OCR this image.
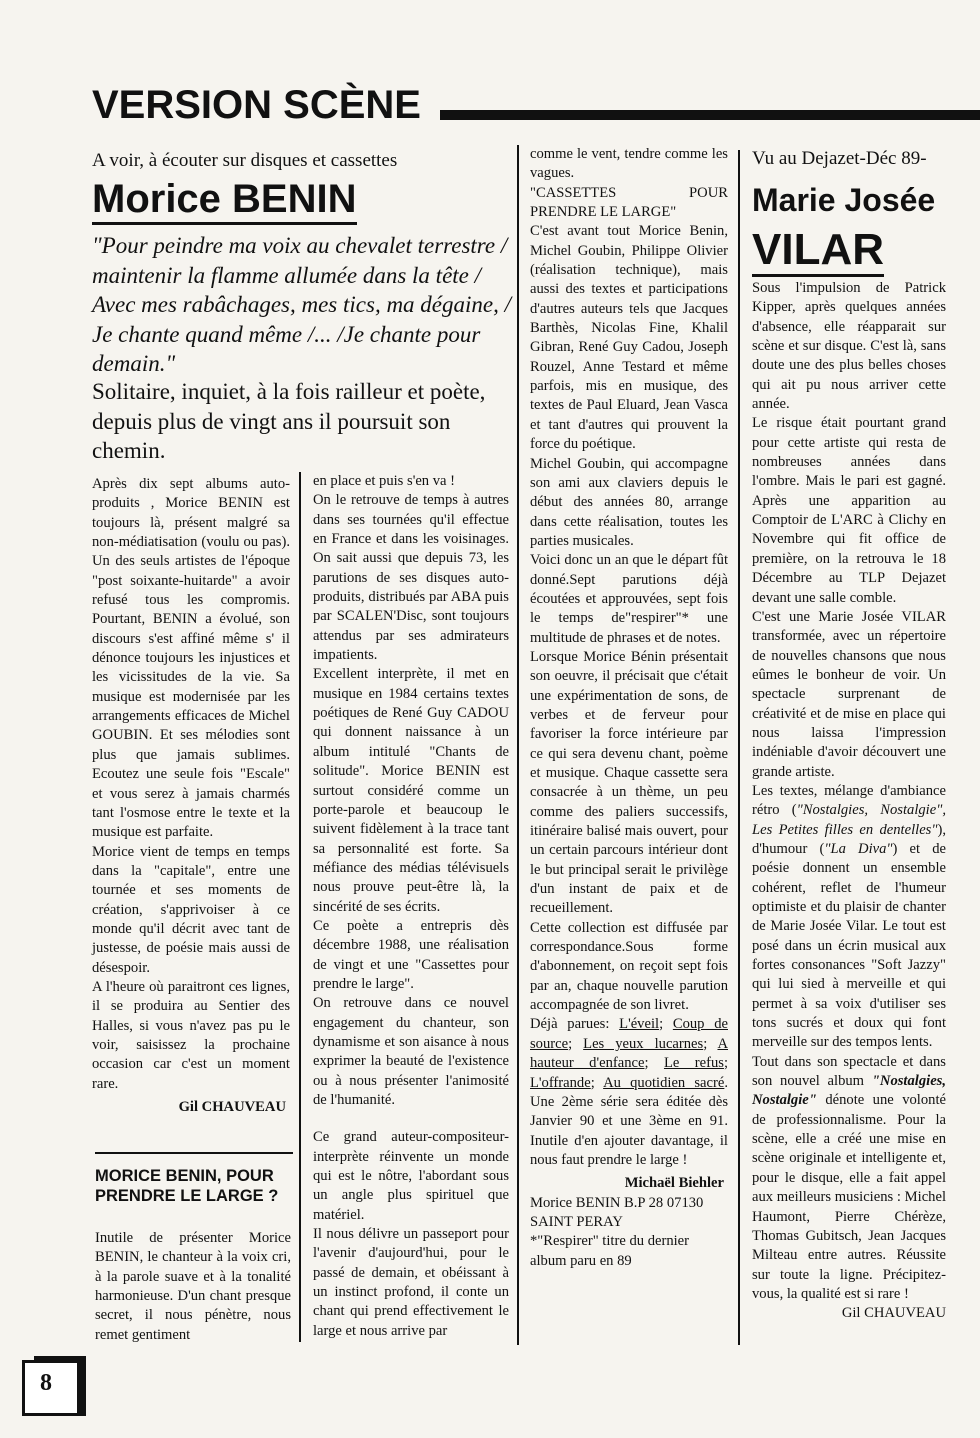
VERSION SCÈNE
A voir, à écouter sur disques et cassettes
Morice BENIN
"Pour peindre ma voix au chevalet terrestre / maintenir la flamme allumée dans la tête / Avec mes rabâchages, mes tics, ma dégaine, / Je chante quand même /... /Je chante pour demain."
Solitaire, inquiet, à la fois railleur et poète, depuis plus de vingt ans il poursuit son chemin.

Après dix sept albums auto-produits , Morice BENIN est toujours là, présent malgré sa non-médiatisation (voulu ou pas). Un des seuls artistes de l'époque "post soixante-huitarde" a avoir refusé tous les compromis. Pourtant, BENIN a évolué, son discours s'est affiné même s' il dénonce toujours les injustices et les vicissitudes de la vie. Sa musique est modernisée par les arrangements efficaces de Michel GOUBIN. Et ses mélodies sont plus que jamais sublimes. Ecoutez une seule fois "Escale" et vous serez à jamais charmés tant l'osmose entre le texte et la musique est parfaite.

Morice vient de temps en temps dans la "capitale", entre une tournée et ses moments de création, s'apprivoiser à ce monde qu'il décrit avec tant de justesse, de poésie mais aussi de désespoir.

A l'heure où paraitront ces lignes, il se produira au Sentier des Halles, si vous n'avez pas pu le voir, saisissez la prochaine occasion car c'est un moment rare.

Gil CHAUVEAU

MORICE BENIN, POUR PRENDRE LE LARGE ?

Inutile de présenter Morice BENIN, le chanteur à la voix cri, à la parole suave et à la tonalité harmonieuse. D'un chant presque secret, il nous pénètre, nous remet gentiment

en place et puis s'en va !

On le retrouve de temps à autres dans ses tournées qu'il effectue en France et dans les voisinages. On sait aussi que depuis 73, les parutions de ses disques auto-produits, distribués par ABA puis par SCALEN'Disc, sont toujours attendus par ses admirateurs impatients.

Excellent interprète, il met en musique en 1984 certains textes poétiques de René Guy CADOU qui donnent naissance à un album intitulé "Chants de solitude". Morice BENIN est surtout considéré comme un porte-parole et beaucoup le suivent fidèlement à la trace tant sa personnalité est forte. Sa méfiance des médias télévisuels nous prouve peut-être là, la sincérité de ses écrits.

Ce poète a entrepris dès décembre 1988, une réalisation de vingt et une "Cassettes pour prendre le large".

On retrouve dans ce nouvel engagement du chanteur, son dynamisme et son aisance à nous exprimer la beauté de l'existence ou à nous présenter l'animosité de l'humanité.

Ce grand auteur-compositeur-interprète réinvente un monde qui est le nôtre, l'abordant sous un angle plus spirituel que matériel.

Il nous délivre un passeport pour l'avenir d'aujourd'hui, pour le passé de demain, et obéissant à un instinct profond, il conte un chant qui prend effectivement le large et nous arrive par

comme le vent, tendre comme les vagues.

"CASSETTES POUR PRENDRE LE LARGE"

C'est avant tout Morice Benin, Michel Goubin, Philippe Olivier (réalisation technique), mais aussi des textes et participations d'autres auteurs tels que Jacques Barthès, Nicolas Fine, Khalil Gibran, René Guy Cadou, Joseph Rouzel, Anne Testard et même parfois, mis en musique, des textes de Paul Eluard, Jean Vasca et tant d'autres qui prouvent la force du poétique.

Michel Goubin, qui accompagne son ami aux claviers depuis le début des années 80, arrange dans cette réalisation, toutes les parties musicales.

Voici donc un an que le départ fût donné.Sept parutions déjà écoutées et approuvées, sept fois le temps de"respirer"* une multitude de phrases et de notes.

Lorsque Morice Bénin présentait son oeuvre, il précisait que c'était une expérimentation de sons, de verbes et de ferveur pour favoriser la force intérieure par ce qui sera devenu chant, poème et musique. Chaque cassette sera consacrée à un thème, un peu comme des paliers successifs, itinéraire balisé mais ouvert, pour un certain parcours intérieur dont le but principal serait le privilège d'un instant de paix et de recueillement.

Cette collection est diffusée par correspondance.Sous forme d'abonnement, on reçoit sept fois par an, chaque nouvelle parution accompagnée de son livret.

Déjà parues: L'éveil; Coup de source; Les yeux lucarnes; A hauteur d'enfance; Le refus; L'offrande; Au quotidien sacré. Une 2ème série sera éditée dès Janvier 90 et une 3ème en 91. Inutile d'en ajouter davantage, il nous faut prendre le large !

Michaël Biehler

Morice BENIN B.P 28 07130 SAINT PERAY

*"Respirer" titre du dernier album paru en 89

Vu au Dejazet-Déc 89-
Marie Josée
VILAR

Sous l'impulsion de Patrick Kipper, après quelques années d'absence, elle réapparait sur scène et sur disque. C'est là, sans doute une des plus belles choses qui ait pu nous arriver cette année.

Le risque était pourtant grand pour cette artiste qui resta de nombreuses années dans l'ombre. Mais le pari est gagné. Après une apparition au Comptoir de L'ARC à Clichy en Novembre qui fit office de première, on la retrouva le 18 Décembre au TLP Dejazet devant une salle comble.

C'est une Marie Josée VILAR transformée, avec un répertoire de nouvelles chansons que nous eûmes le bonheur de voir. Un spectacle surprenant de créativité et de mise en place qui nous laissa l'impression indéniable d'avoir découvert une grande artiste.

Les textes, mélange d'ambiance rétro ("Nostalgies, Nostalgie", Les Petites filles en dentelles"), d'humour ("La Diva") et de poésie donnent un ensemble cohérent, reflet de l'humeur optimiste et du plaisir de chanter de Marie Josée Vilar. Le tout est posé dans un écrin musical aux fortes consonances "Soft Jazzy" qui lui sied à merveille et qui permet à sa voix d'utiliser ses tons sucrés et doux qui font merveille sur des tempos lents.

Tout dans son spectacle et dans son nouvel album "Nostalgies, Nostalgie" dénote une volonté de professionnalisme. Pour la scène, elle a créé une mise en scène originale et intelligente et, pour le disque, elle a fait appel aux meilleurs musiciens : Michel Haumont, Pierre Chérèze, Thomas Gubitsch, Jean Jacques Milteau entre autres. Réussite sur toute la ligne. Précipitez-vous, la qualité est si rare !
Gil CHAUVEAU

8
